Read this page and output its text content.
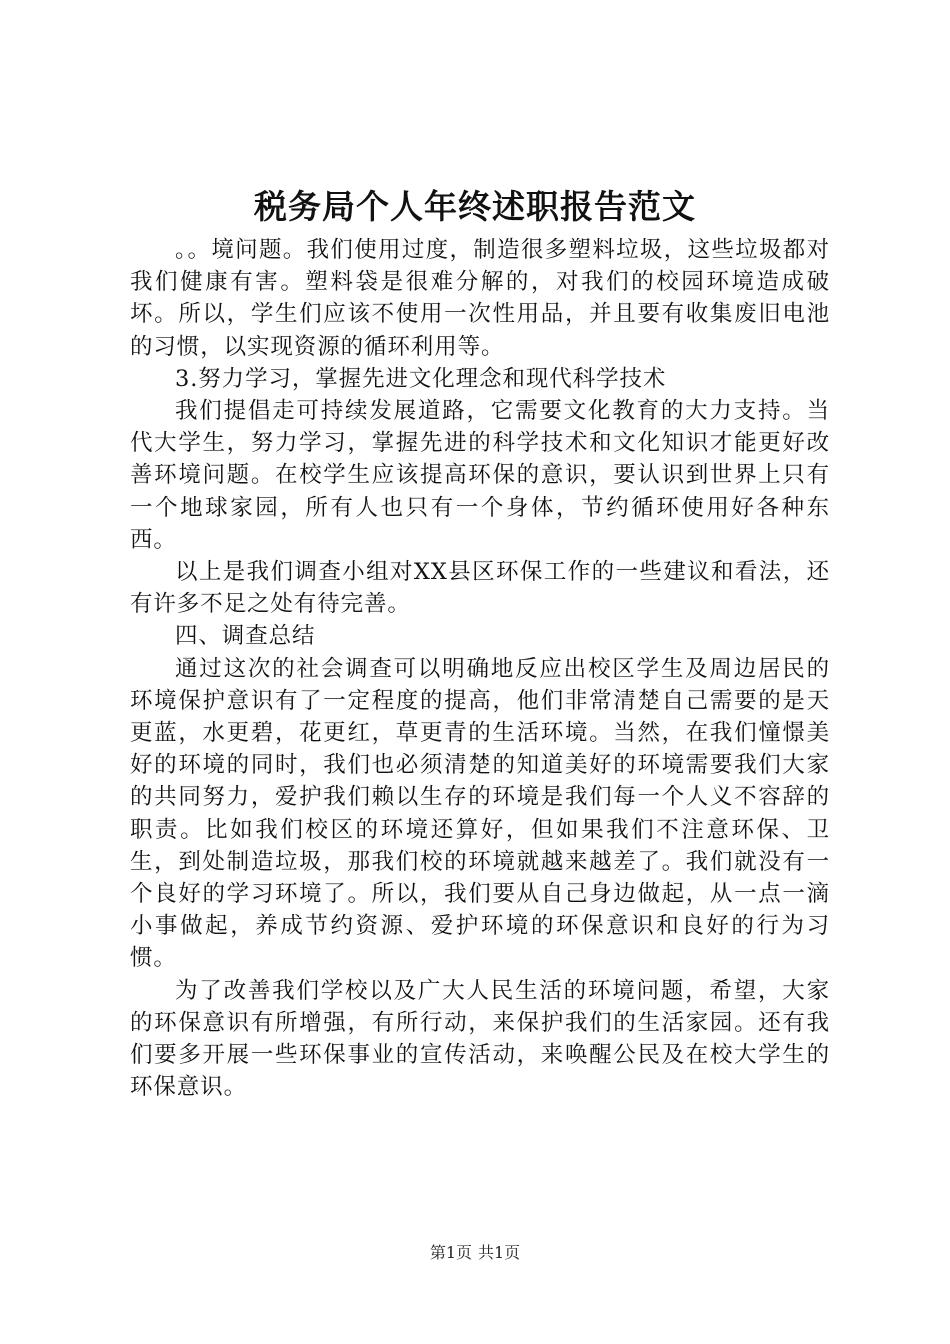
税务局个人年终述职报告范文

。。境问题。我们使用过度，制造很多塑料垃圾，这些垃圾都对我们健康有害。塑料袋是很难分解的，对我们的校园环境造成破坏。所以，学生们应该不使用一次性用品，并且要有收集废旧电池的习惯，以实现资源的循环利用等。

3.努力学习，掌握先进文化理念和现代科学技术

我们提倡走可持续发展道路，它需要文化教育的大力支持。当代大学生，努力学习，掌握先进的科学技术和文化知识才能更好改善环境问题。在校学生应该提高环保的意识，要认识到世界上只有一个地球家园，所有人也只有一个身体，节约循环使用好各种东西。

以上是我们调查小组对XX县区环保工作的一些建议和看法，还有许多不足之处有待完善。

四、调查总结

通过这次的社会调查可以明确地反应出校区学生及周边居民的环境保护意识有了一定程度的提高，他们非常清楚自己需要的是天更蓝，水更碧，花更红，草更青的生活环境。当然，在我们憧憬美好的环境的同时，我们也必须清楚的知道美好的环境需要我们大家的共同努力，爱护我们赖以生存的环境是我们每一个人义不容辞的职责。比如我们校区的环境还算好，但如果我们不注意环保、卫生，到处制造垃圾，那我们校的环境就越来越差了。我们就没有一个良好的学习环境了。所以，我们要从自己身边做起，从一点一滴小事做起，养成节约资源、爱护环境的环保意识和良好的行为习惯。

为了改善我们学校以及广大人民生活的环境问题，希望，大家的环保意识有所增强，有所行动，来保护我们的生活家园。还有我们要多开展一些环保事业的宣传活动，来唤醒公民及在校大学生的环保意识。

第1页 共1页
